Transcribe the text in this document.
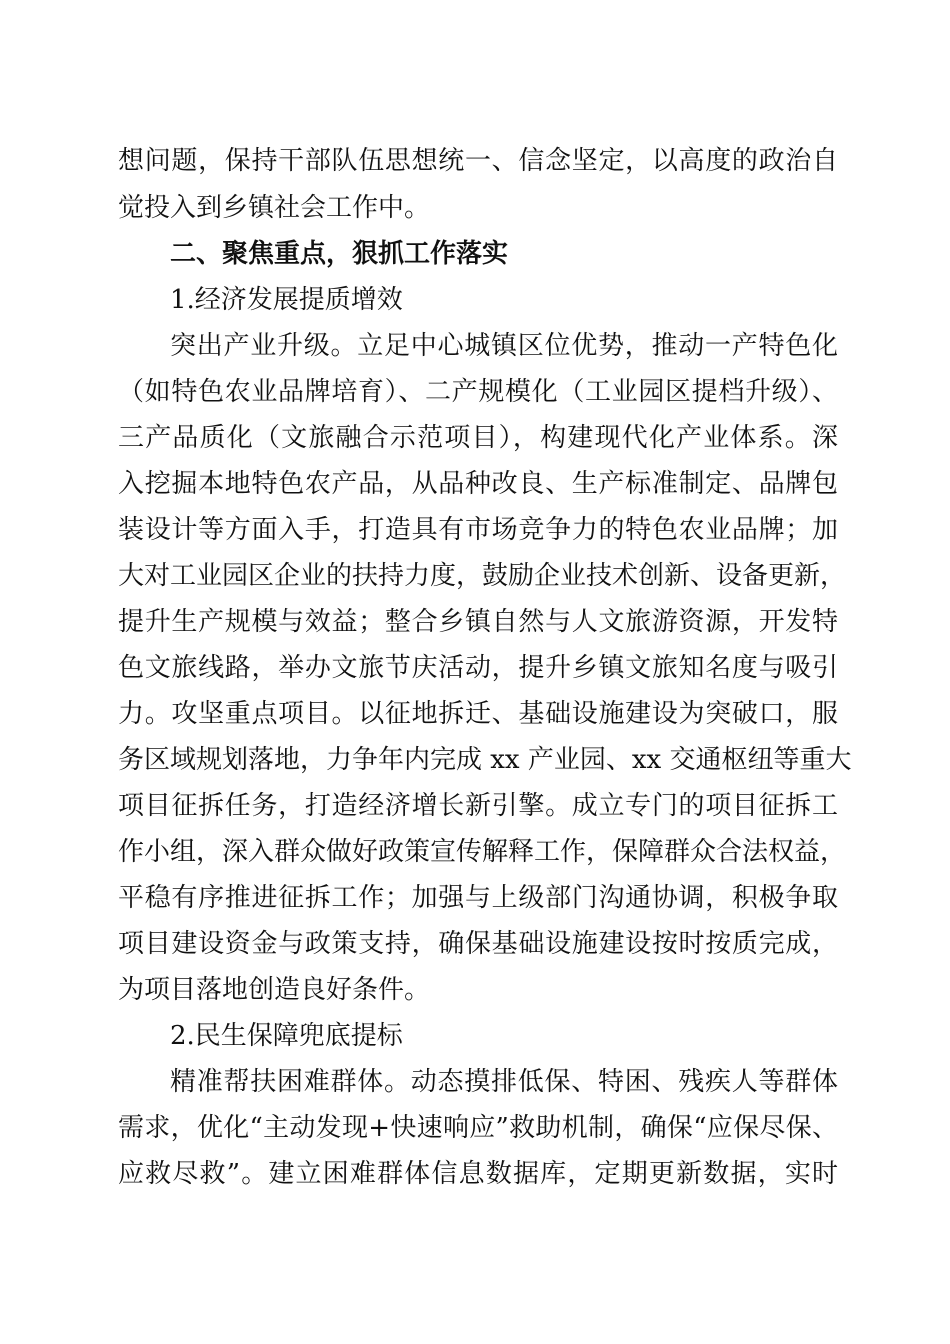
想问题，保持干部队伍思想统一、信念坚定，以高度的政治自
觉投入到乡镇社会工作中。
二、聚焦重点，狠抓工作落实
1.经济发展提质增效
突出产业升级。立足中心城镇区位优势，推动一产特色化
（如特色农业品牌培育）、二产规模化（工业园区提档升级）、
三产品质化（文旅融合示范项目），构建现代化产业体系。深
入挖掘本地特色农产品，从品种改良、生产标准制定、品牌包
装设计等方面入手，打造具有市场竞争力的特色农业品牌；加
大对工业园区企业的扶持力度，鼓励企业技术创新、设备更新，
提升生产规模与效益；整合乡镇自然与人文旅游资源，开发特
色文旅线路，举办文旅节庆活动，提升乡镇文旅知名度与吸引
力。攻坚重点项目。以征地拆迁、基础设施建设为突破口，服
务区域规划落地，力争年内完成 xx 产业园、xx 交通枢纽等重大
项目征拆任务，打造经济增长新引擎。成立专门的项目征拆工
作小组，深入群众做好政策宣传解释工作，保障群众合法权益，
平稳有序推进征拆工作；加强与上级部门沟通协调，积极争取
项目建设资金与政策支持，确保基础设施建设按时按质完成，
为项目落地创造良好条件。
2.民生保障兜底提标
精准帮扶困难群体。动态摸排低保、特困、残疾人等群体
需求，优化“主动发现+快速响应”救助机制，确保“应保尽保、
应救尽救”。建立困难群体信息数据库，定期更新数据，实时
